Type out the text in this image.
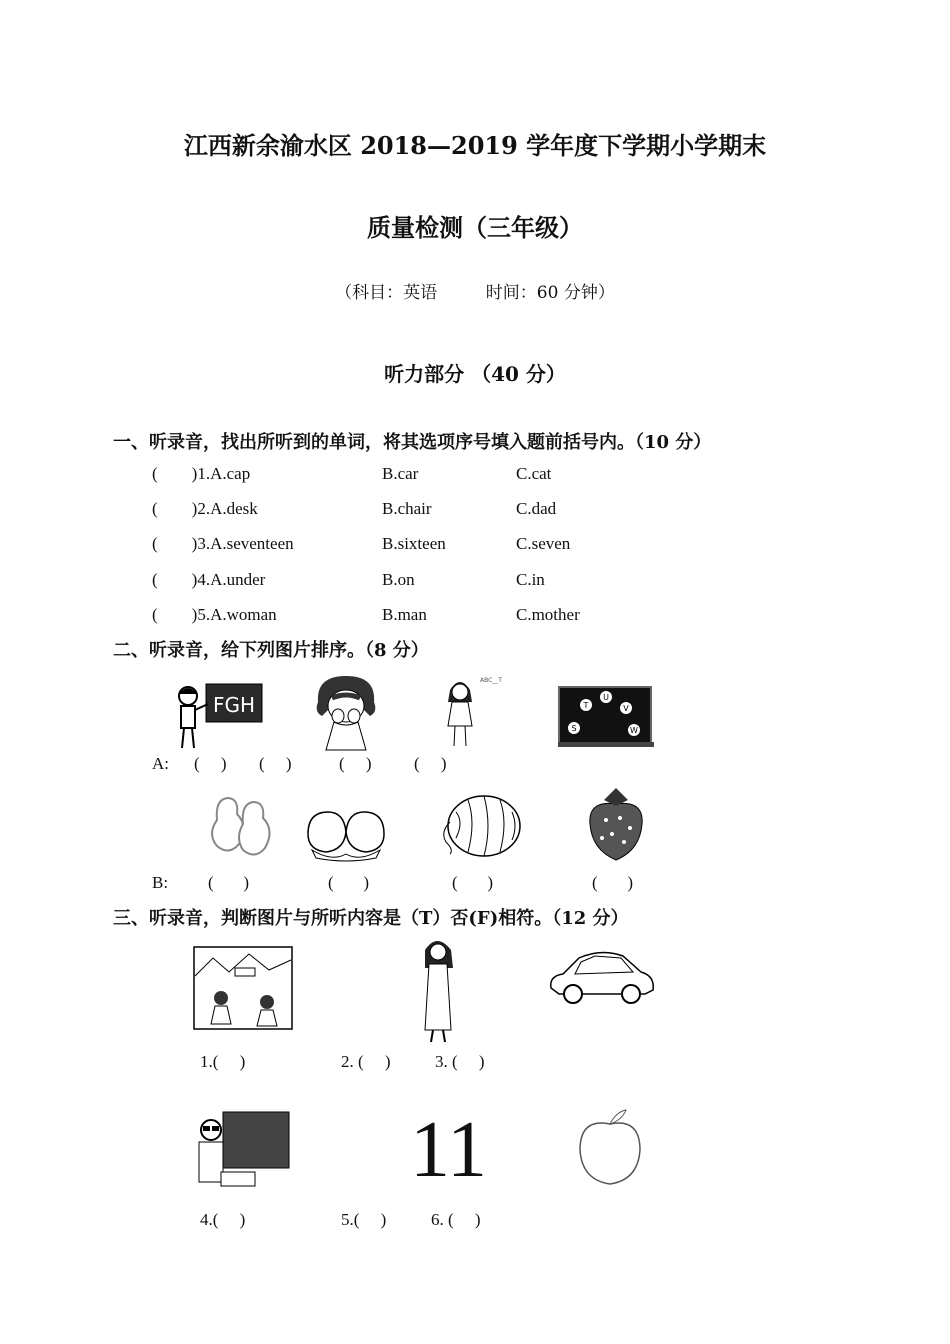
江西新余渝水区 2018—2019 学年度下学期小学期末
质量检测（三年级）
（科目：英语         时间：60 分钟）
听力部分 （40 分）
一、听录音，找出所听到的单词，将其选项序号填入题前括号内。（10 分）
(        )1.A.cap	B.car	C.cat
(        )2.A.desk	B.chair	C.dad
(        )3.A.seventeen	B.sixteen	C.seven
(        )4.A.under	B.on	C.in
(        )5.A.woman	B.man	C.mother
二、听录音，给下列图片排序。（8 分）
FGH
ABC__T
U
T	V
S	W
A: (     ) (     )	(     ) (     )
B: (       )	(       )	(       )	(       )
三、听录音，判断图片与所听内容是（T）否(F)相符。（12 分）
1.(     )	2. (     )	3. (     )
11
4.(     )	5.(     )	6. (     )
